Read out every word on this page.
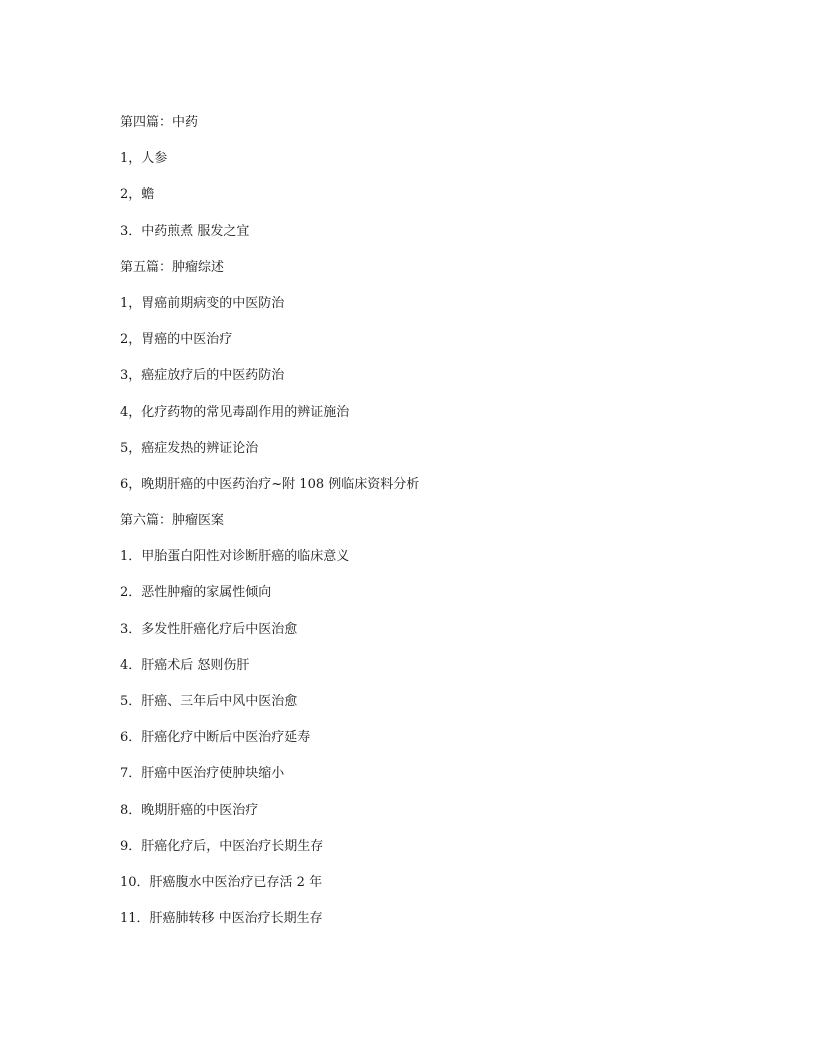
第四篇：中药
1，人参
2，蟾
3．中药煎煮 服发之宜
第五篇：肿瘤综述
1，胃癌前期病变的中医防治
2，胃癌的中医治疗
3，癌症放疗后的中医药防治
4，化疗药物的常见毒副作用的辨证施治
5，癌症发热的辨证论治
6，晚期肝癌的中医药治疗~附 108 例临床资料分析
第六篇：肿瘤医案
1．甲胎蛋白阳性对诊断肝癌的临床意义
2．恶性肿瘤的家属性倾向
3．多发性肝癌化疗后中医治愈
4．肝癌术后 怒则伤肝
5．肝癌、三年后中风中医治愈
6．肝癌化疗中断后中医治疗延寿
7．肝癌中医治疗使肿块缩小
8．晚期肝癌的中医治疗
9．肝癌化疗后，中医治疗长期生存
10．肝癌腹水中医治疗已存活 2 年
11．肝癌肺转移 中医治疗长期生存
